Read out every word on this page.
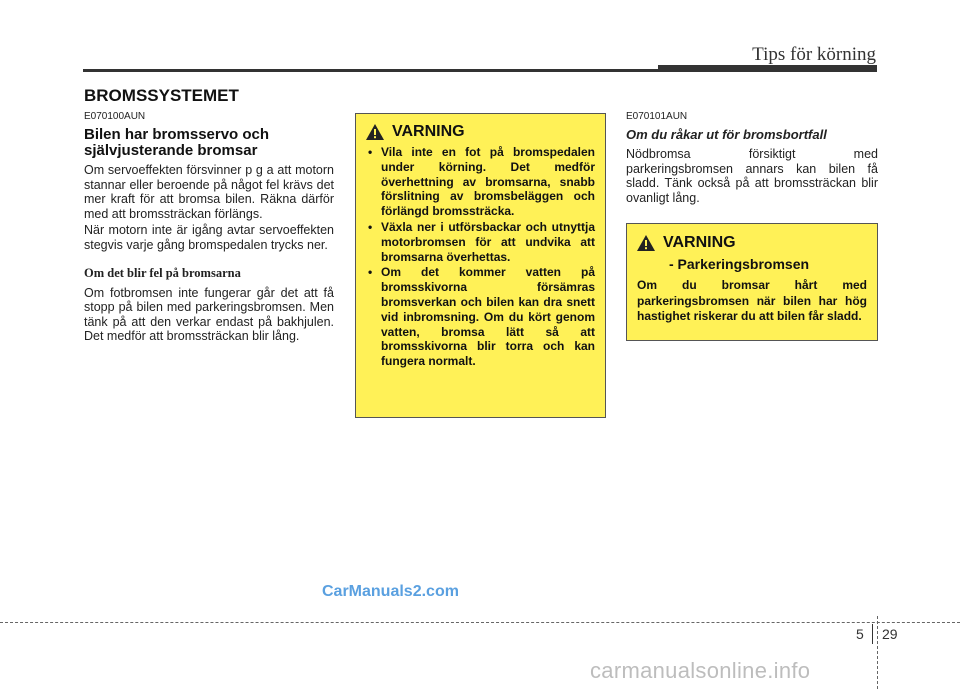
Tips för körning
BROMSSYSTEMET

E070100AUN

Bilen har bromsservo och självjusterande bromsar

Om servoeffekten försvinner p g a att motorn stannar eller beroende på något fel krävs det mer kraft för att bromsa bilen. Räkna därför med att bromssträckan förlängs.

När motorn inte är igång avtar servoeffekten stegvis varje gång bromspedalen trycks ner.

Om det blir fel på bromsarna

Om fotbromsen inte fungerar går det att få stopp på bilen med parkeringsbromsen. Men tänk på att den verkar endast på bakhjulen. Det medför att bromssträckan blir lång.

VARNING
• Vila inte en fot på bromspedalen under körning. Det medför överhettning av bromsarna, snabb förslitning av bromsbeläggen och förlängd bromssträcka.
• Växla ner i utförsbackar och utnyttja motorbromsen för att undvika att bromsarna överhettas.
• Om det kommer vatten på bromsskivorna försämras bromsverkan och bilen kan dra snett vid inbromsning. Om du kört genom vatten, bromsa lätt så att bromsskivorna blir torra och kan fungera normalt.

E070101AUN

Om du råkar ut för bromsbortfall

Nödbromsa försiktigt med parkeringsbromsen annars kan bilen få sladd. Tänk också på att bromssträckan blir ovanligt lång.

VARNING

- Parkeringsbromsen

Om du bromsar hårt med parkeringsbromsen när bilen har hög hastighet riskerar du att bilen får sladd.

CarManuals2.com
5 29
carmanualsonline.info
